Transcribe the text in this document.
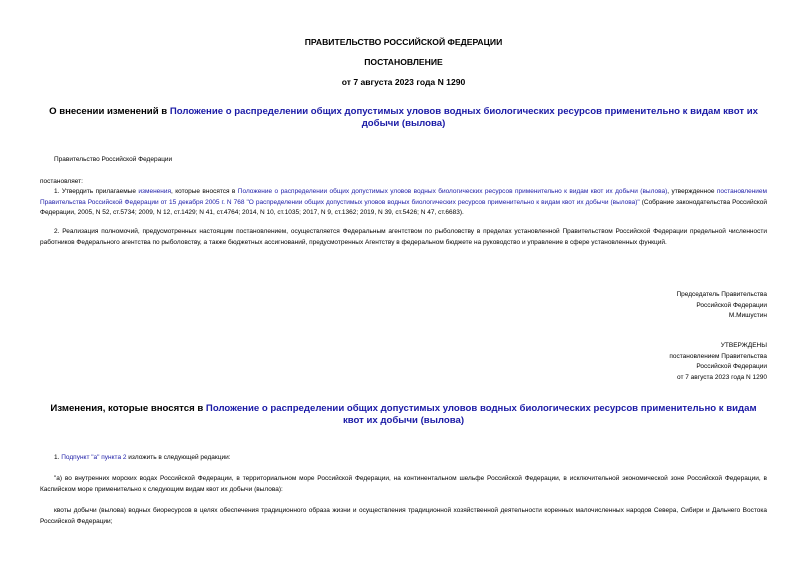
ПРАВИТЕЛЬСТВО РОССИЙСКОЙ ФЕДЕРАЦИИ
ПОСТАНОВЛЕНИЕ
от 7 августа 2023 года N 1290
О внесении изменений в Положение о распределении общих допустимых уловов водных биологических ресурсов применительно к видам квот их добычи (вылова)
Правительство Российской Федерации
постановляет:
1. Утвердить прилагаемые изменения, которые вносятся в Положение о распределении общих допустимых уловов водных биологических ресурсов применительно к видам квот их добычи (вылова), утвержденное постановлением Правительства Российской Федерации от 15 декабря 2005 г. N 768 "О распределении общих допустимых уловов водных биологических ресурсов применительно к видам квот их добычи (вылова)" (Собрание законодательства Российской Федерации, 2005, N 52, ст.5734; 2009, N 12, ст.1429; N 41, ст.4764; 2014, N 10, ст.1035; 2017, N 9, ст.1362; 2019, N 39, ст.5426; N 47, ст.6683).
2. Реализация полномочий, предусмотренных настоящим постановлением, осуществляется Федеральным агентством по рыболовству в пределах установленной Правительством Российской Федерации предельной численности работников Федерального агентства по рыболовству, а также бюджетных ассигнований, предусмотренных Агентству в федеральном бюджете на руководство и управление в сфере установленных функций.
Председатель Правительства
Российской Федерации
М.Мишустин
УТВЕРЖДЕНЫ
постановлением Правительства
Российской Федерации
от 7 августа 2023 года N 1290
Изменения, которые вносятся в Положение о распределении общих допустимых уловов водных биологических ресурсов применительно к видам квот их добычи (вылова)
1. Подпункт "а" пункта 2 изложить в следующей редакции:
"а) во внутренних морских водах Российской Федерации, в территориальном море Российской Федерации, на континентальном шельфе Российской Федерации, в исключительной экономической зоне Российской Федерации, в Каспийском море применительно к следующим видам квот их добычи (вылова):
квоты добычи (вылова) водных биоресурсов в целях обеспечения традиционного образа жизни и осуществления традиционной хозяйственной деятельности коренных малочисленных народов Севера, Сибири и Дальнего Востока Российской Федерации;
